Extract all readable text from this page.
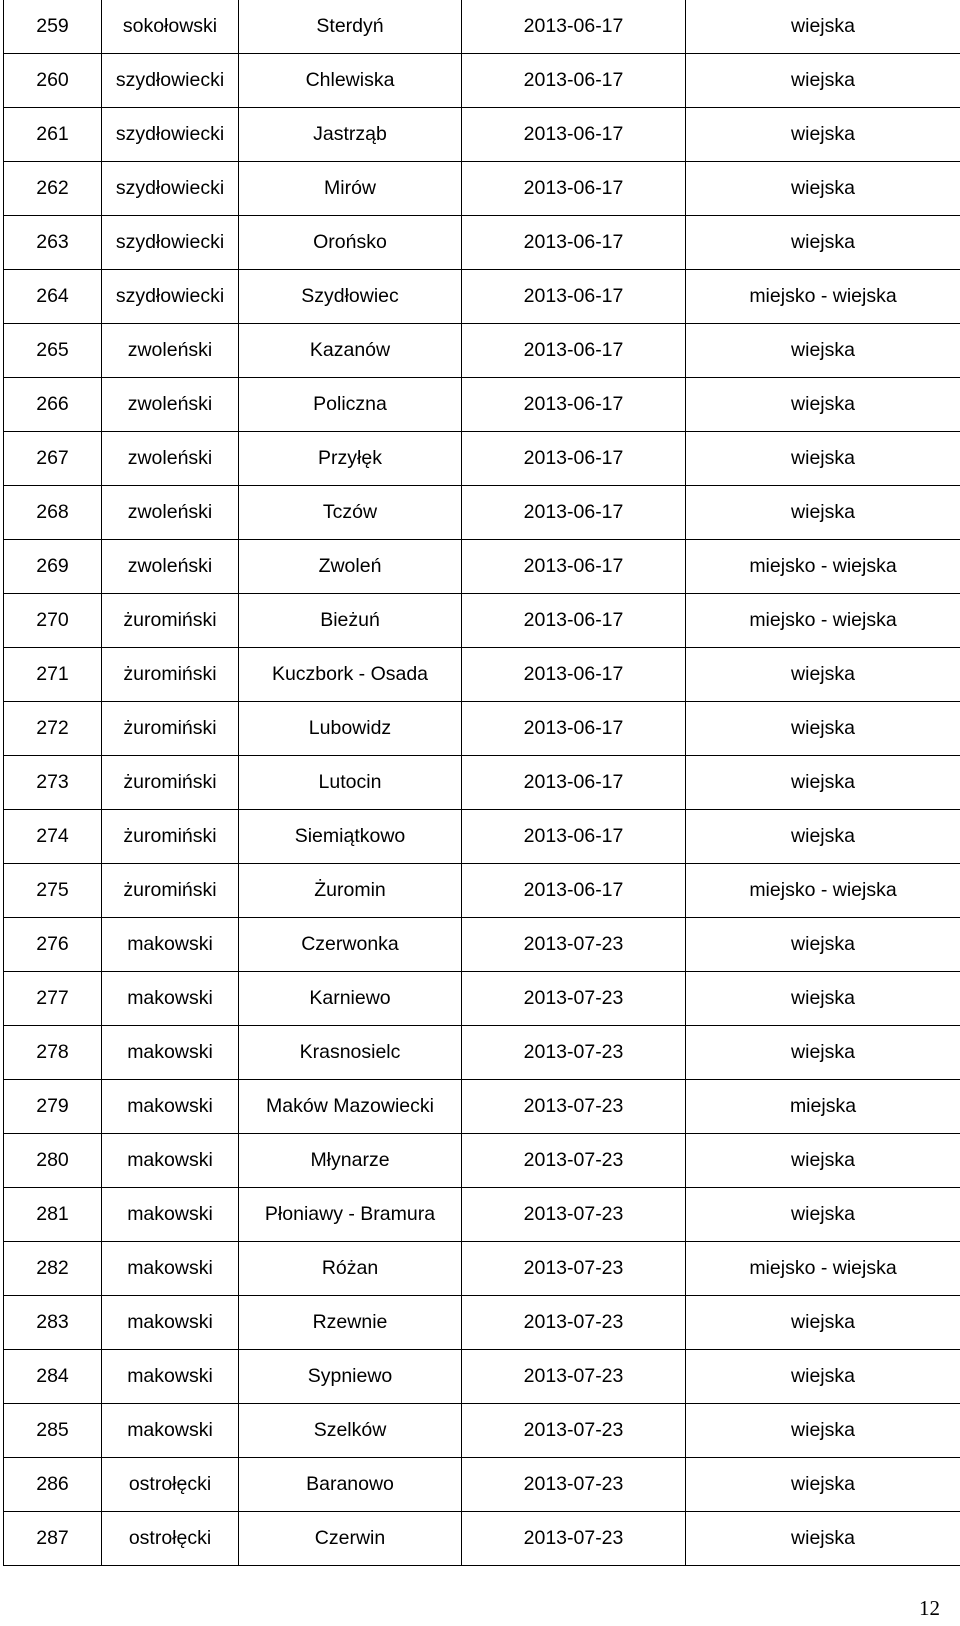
259	sokołowski	Sterdyń	2013-06-17	wiejska
260	szydłowiecki	Chlewiska	2013-06-17	wiejska
261	szydłowiecki	Jastrząb	2013-06-17	wiejska
262	szydłowiecki	Mirów	2013-06-17	wiejska
263	szydłowiecki	Orońsko	2013-06-17	wiejska
264	szydłowiecki	Szydłowiec	2013-06-17	miejsko - wiejska
265	zwoleński	Kazanów	2013-06-17	wiejska
266	zwoleński	Policzna	2013-06-17	wiejska
267	zwoleński	Przyłęk	2013-06-17	wiejska
268	zwoleński	Tczów	2013-06-17	wiejska
269	zwoleński	Zwoleń	2013-06-17	miejsko - wiejska
270	żuromiński	Bieżuń	2013-06-17	miejsko - wiejska
271	żuromiński	Kuczbork - Osada	2013-06-17	wiejska
272	żuromiński	Lubowidz	2013-06-17	wiejska
273	żuromiński	Lutocin	2013-06-17	wiejska
274	żuromiński	Siemiątkowo	2013-06-17	wiejska
275	żuromiński	Żuromin	2013-06-17	miejsko - wiejska
276	makowski	Czerwonka	2013-07-23	wiejska
277	makowski	Karniewo	2013-07-23	wiejska
278	makowski	Krasnosielc	2013-07-23	wiejska
279	makowski	Maków Mazowiecki	2013-07-23	miejska
280	makowski	Młynarze	2013-07-23	wiejska
281	makowski	Płoniawy - Bramura	2013-07-23	wiejska
282	makowski	Różan	2013-07-23	miejsko - wiejska
283	makowski	Rzewnie	2013-07-23	wiejska
284	makowski	Sypniewo	2013-07-23	wiejska
285	makowski	Szelków	2013-07-23	wiejska
286	ostrołęcki	Baranowo	2013-07-23	wiejska
287	ostrołęcki	Czerwin	2013-07-23	wiejska
12
